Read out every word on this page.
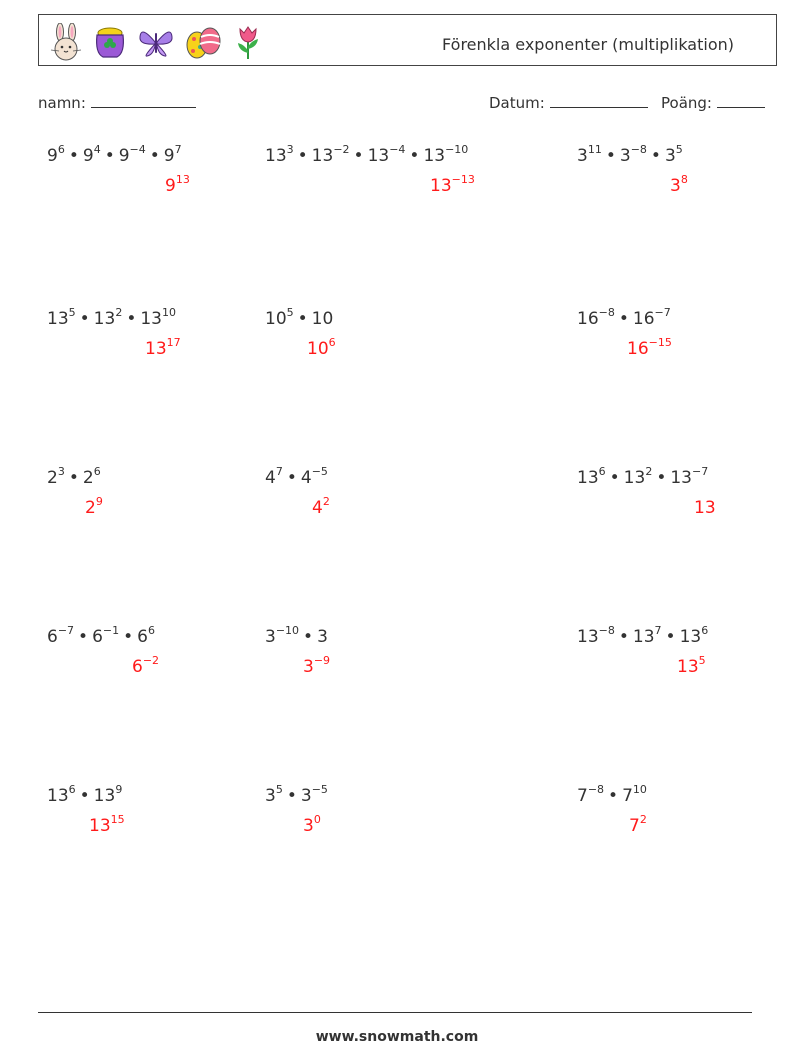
Förenkla exponenter (multiplikation)
namn:	Datum:	Poäng:
$9^6$ • $9^4$ • $9^{-4}$ • $9^7$
$9^{13}$
$13^3$ • $13^{-2}$ • $13^{-4}$ • $13^{-10}$
$13^{-13}$
$3^{11}$ • $3^{-8}$ • $3^5$
$3^8$
$13^5$ • $13^2$ • $13^{10}$
$13^{17}$
$10^5$ • 10
$10^6$
$16^{-8}$ • $16^{-7}$
$16^{-15}$
$2^3$ • $2^6$
$2^9$
$4^7$ • $4^{-5}$
$4^2$
$13^6$ • $13^2$ • $13^{-7}$
13
$6^{-7}$ • $6^{-1}$ • $6^6$
$6^{-2}$
$3^{-10}$ • 3
$3^{-9}$
$13^{-8}$ • $13^7$ • $13^6$
$13^5$
$13^6$ • $13^9$
$13^{15}$
$3^5$ • $3^{-5}$
$3^0$
$7^{-8}$ • $7^{10}$
$7^2$
www.snowmath.com
